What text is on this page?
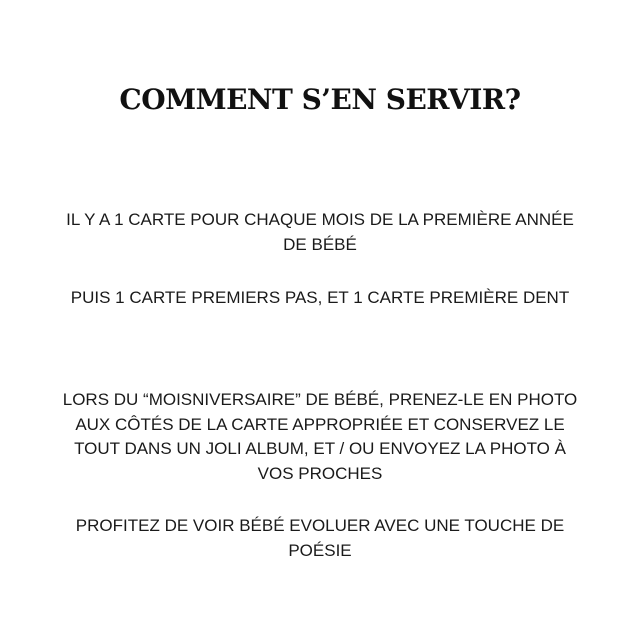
COMMENT S’EN SERVIR?

IL Y A 1 CARTE POUR CHAQUE MOIS DE LA PREMIÈRE ANNÉE DE BÉBÉ

PUIS 1 CARTE PREMIERS PAS, ET 1 CARTE PREMIÈRE DENT

LORS DU “MOISNIVERSAIRE” DE BÉBÉ, PRENEZ-LE EN PHOTO AUX CÔTÉS DE LA CARTE APPROPRIÉE ET CONSERVEZ LE TOUT DANS UN JOLI ALBUM, ET / OU ENVOYEZ LA PHOTO À VOS PROCHES

PROFITEZ DE VOIR BÉBÉ EVOLUER AVEC UNE TOUCHE DE POÉSIE
